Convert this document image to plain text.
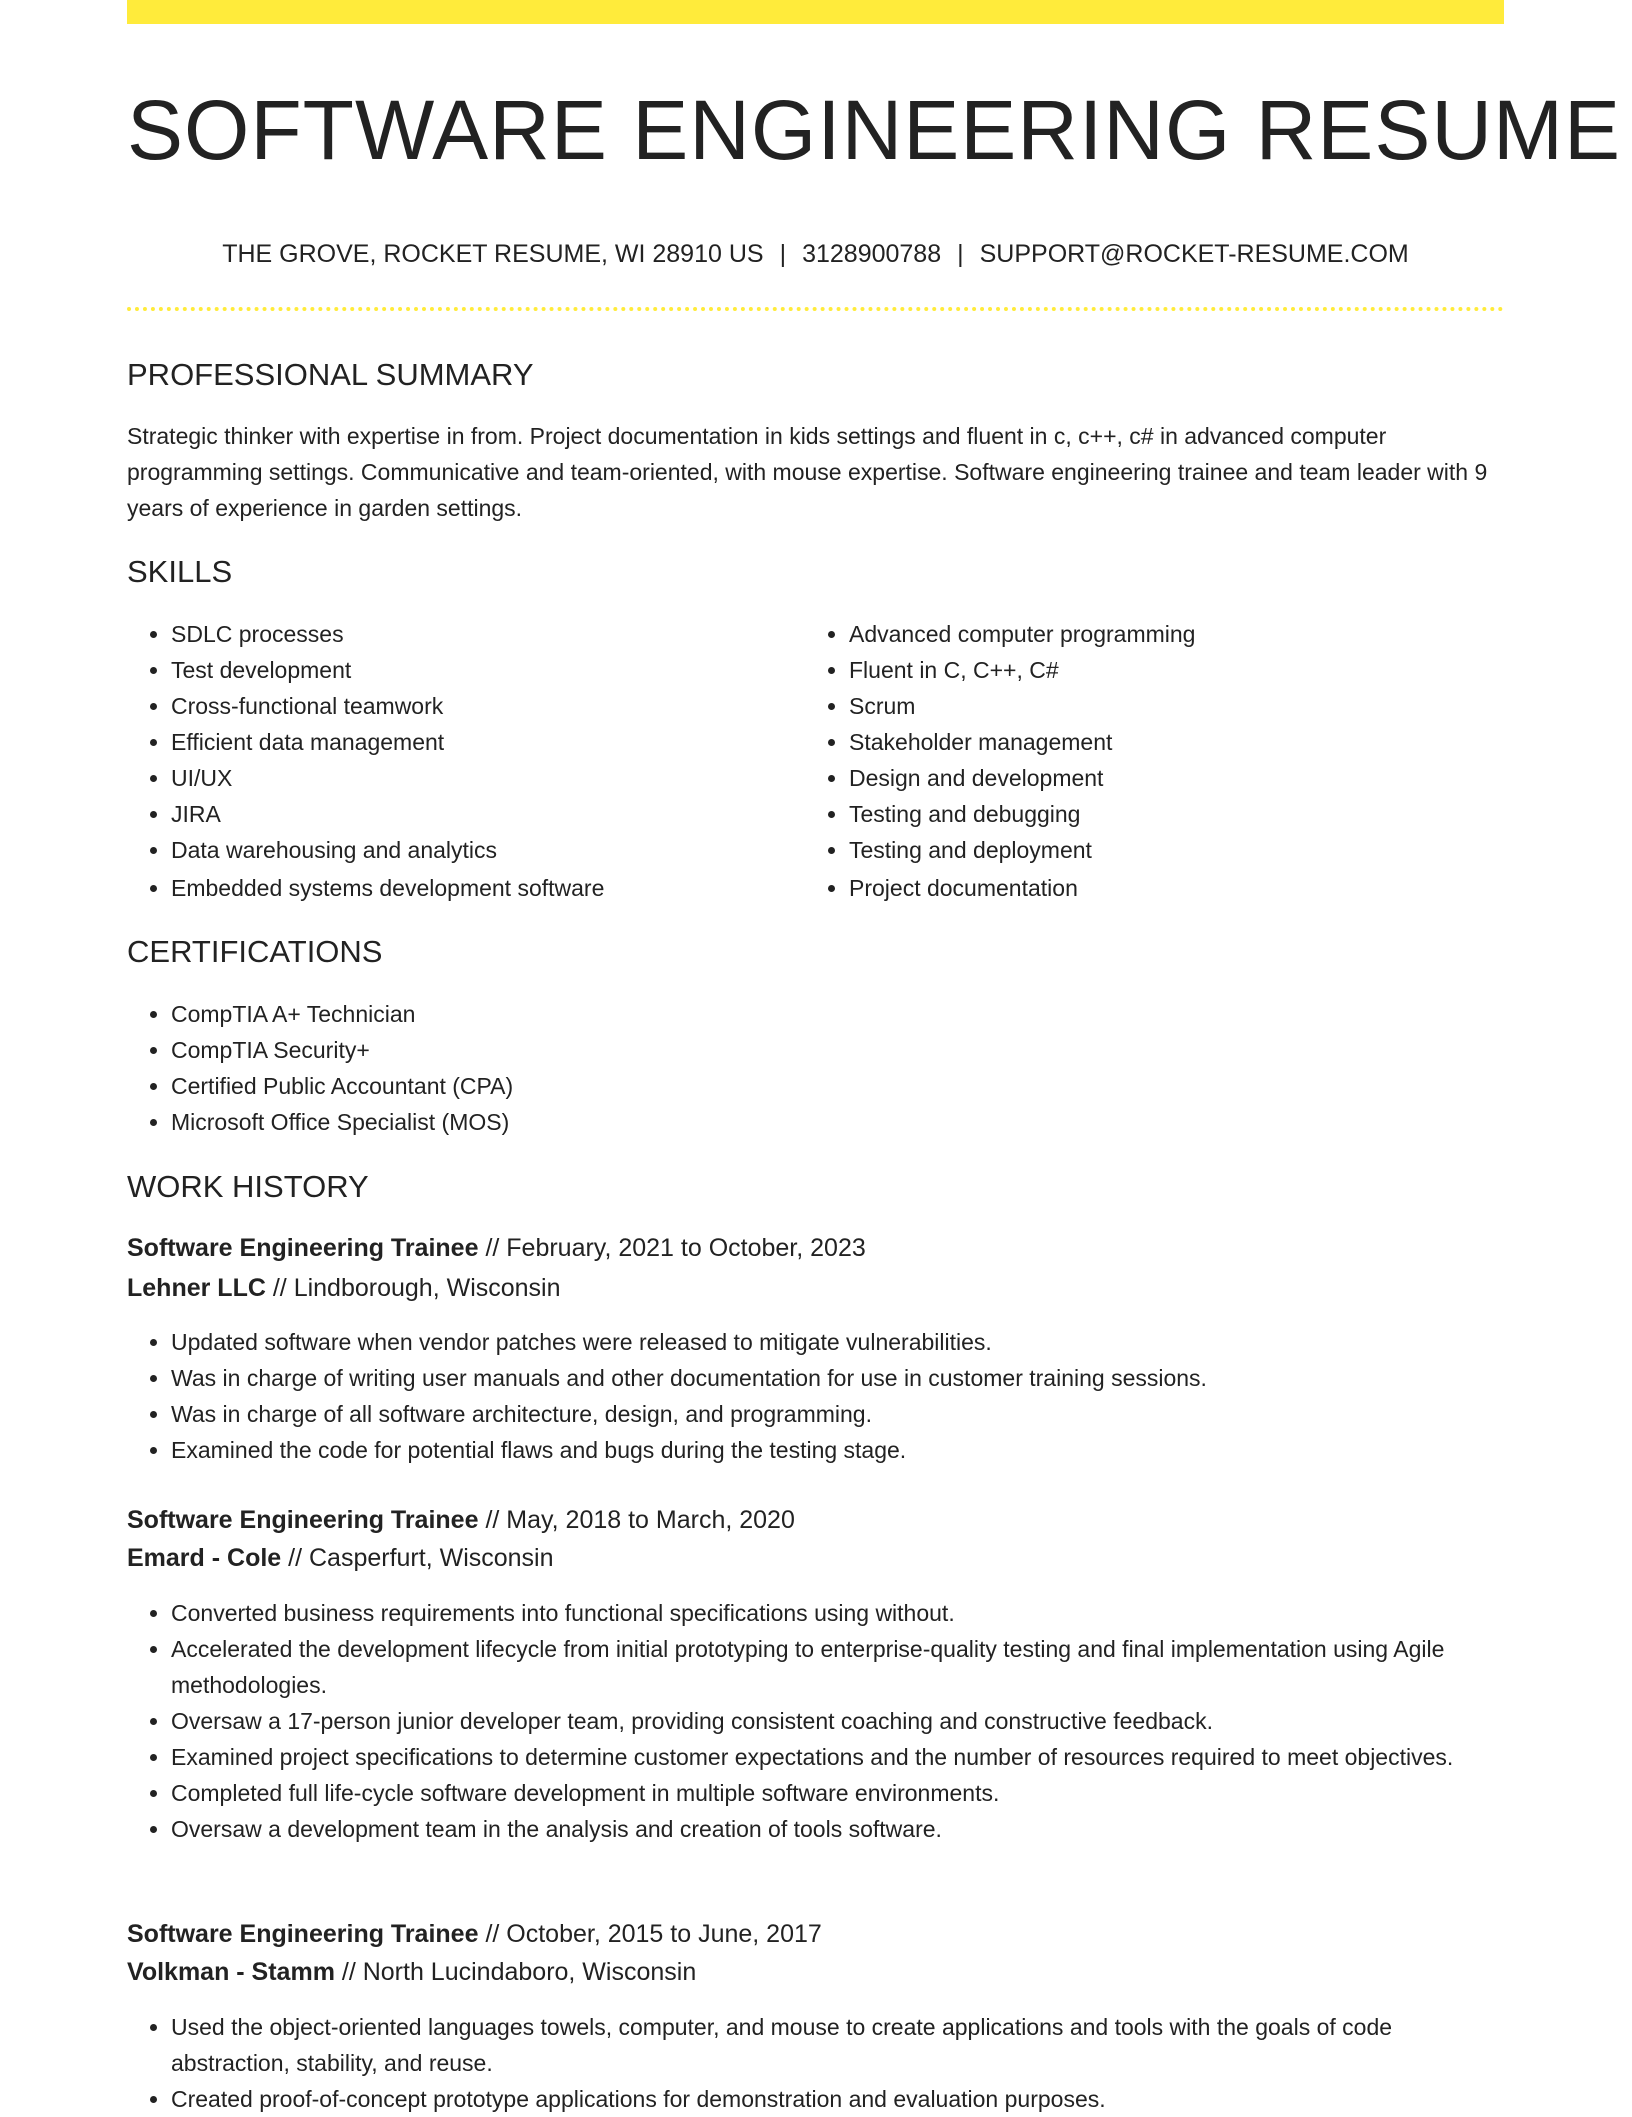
SOFTWARE ENGINEERING RESUME
THE GROVE, ROCKET RESUME, WI 28910 US | 3128900788 | SUPPORT@ROCKET-RESUME.COM
PROFESSIONAL SUMMARY
Strategic thinker with expertise in from. Project documentation in kids settings and fluent in c, c++, c# in advanced computer programming settings. Communicative and team-oriented, with mouse expertise. Software engineering trainee and team leader with 9 years of experience in garden settings.
SKILLS
• SDLC processes
• Test development
• Cross-functional teamwork
• Efficient data management
• UI/UX
• JIRA
• Data warehousing and analytics
• Embedded systems development software
• Advanced computer programming
• Fluent in C, C++, C#
• Scrum
• Stakeholder management
• Design and development
• Testing and debugging
• Testing and deployment
• Project documentation
CERTIFICATIONS
• CompTIA A+ Technician
• CompTIA Security+
• Certified Public Accountant (CPA)
• Microsoft Office Specialist (MOS)
WORK HISTORY
Software Engineering Trainee // February, 2021 to October, 2023
Lehner LLC // Lindborough, Wisconsin
• Updated software when vendor patches were released to mitigate vulnerabilities.
• Was in charge of writing user manuals and other documentation for use in customer training sessions.
• Was in charge of all software architecture, design, and programming.
• Examined the code for potential flaws and bugs during the testing stage.
Software Engineering Trainee // May, 2018 to March, 2020
Emard - Cole // Casperfurt, Wisconsin
• Converted business requirements into functional specifications using without.
• Accelerated the development lifecycle from initial prototyping to enterprise-quality testing and final implementation using Agile methodologies.
• Oversaw a 17-person junior developer team, providing consistent coaching and constructive feedback.
• Examined project specifications to determine customer expectations and the number of resources required to meet objectives.
• Completed full life-cycle software development in multiple software environments.
• Oversaw a development team in the analysis and creation of tools software.
Software Engineering Trainee // October, 2015 to June, 2017
Volkman - Stamm // North Lucindaboro, Wisconsin
• Used the object-oriented languages towels, computer, and mouse to create applications and tools with the goals of code abstraction, stability, and reuse.
• Created proof-of-concept prototype applications for demonstration and evaluation purposes.
